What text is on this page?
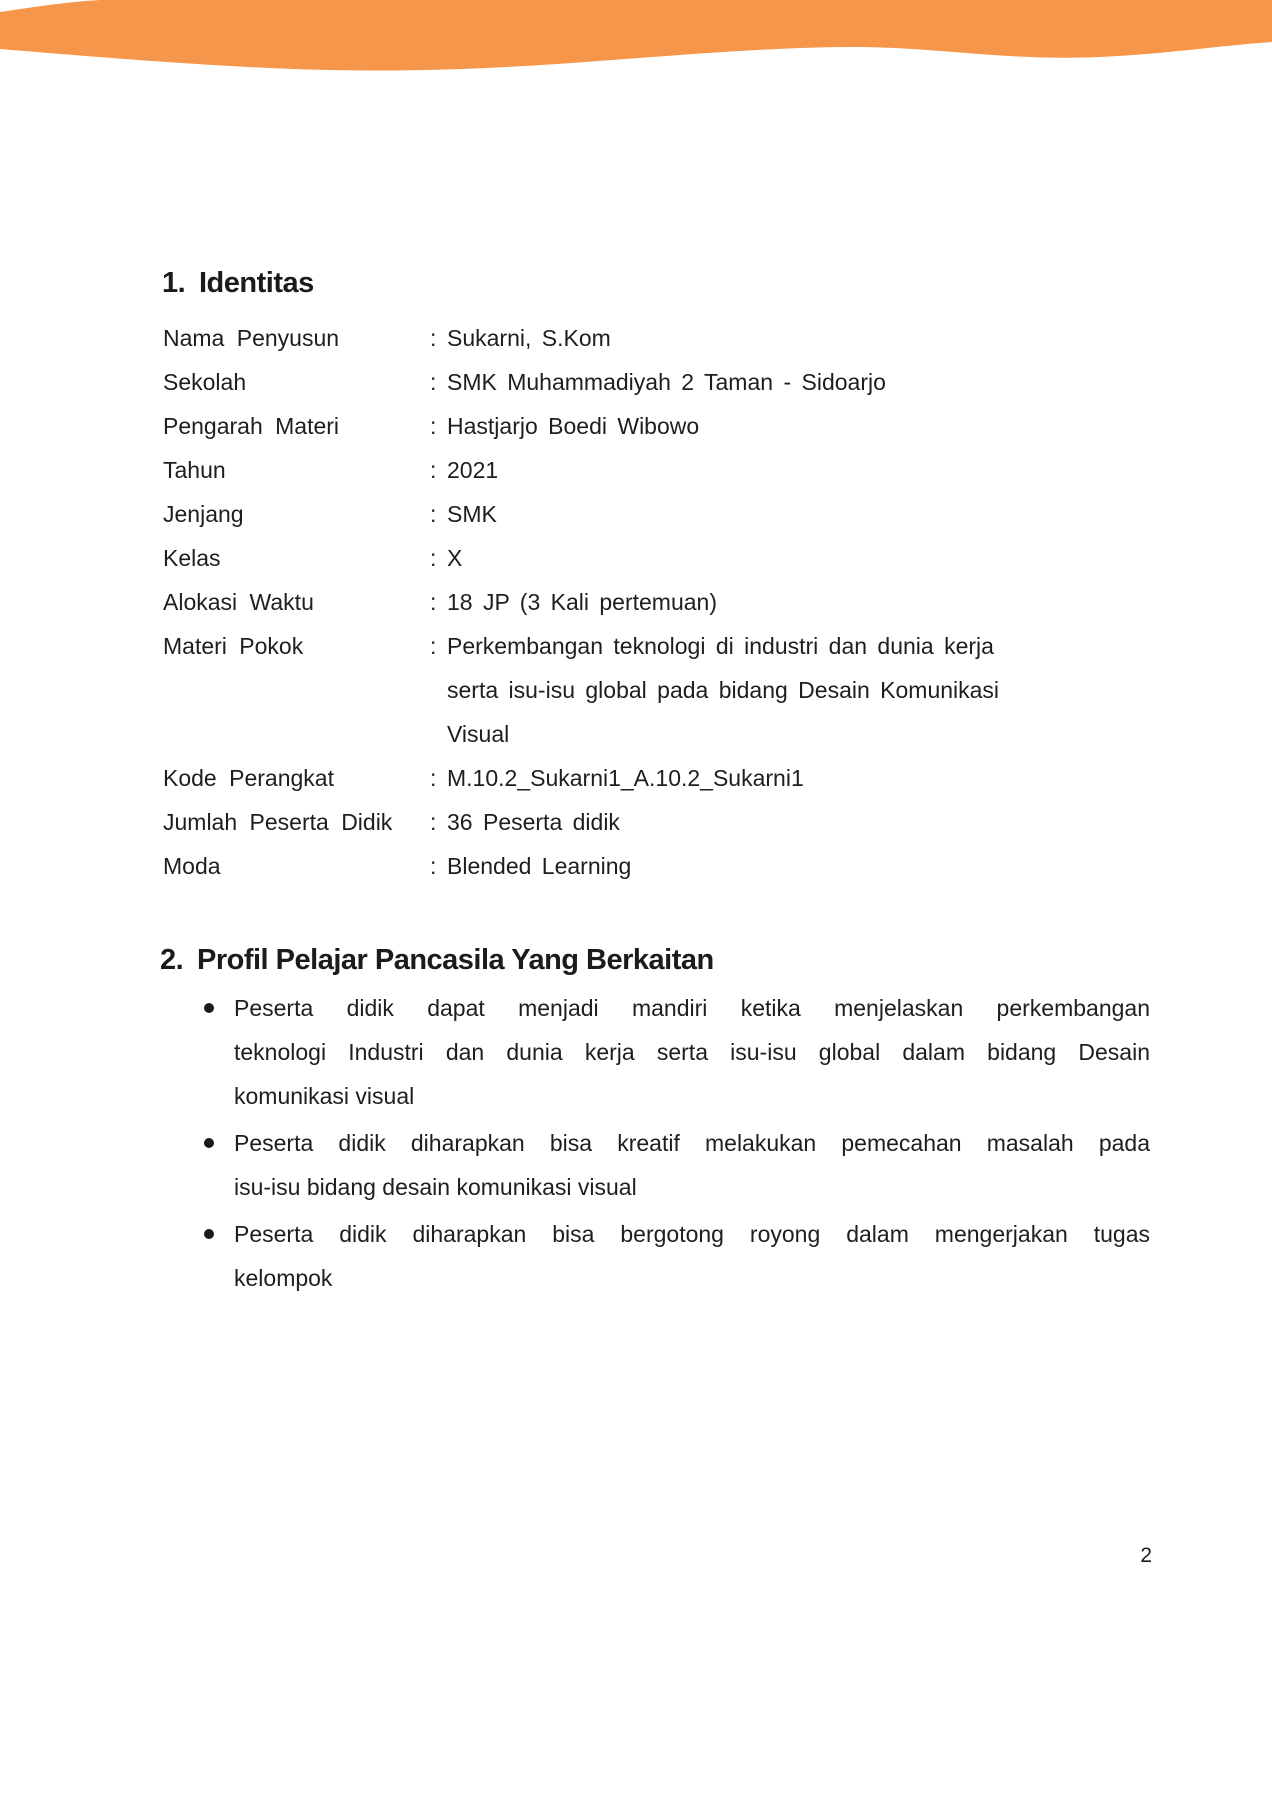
1. Identitas
Nama Penyusun	: Sukarni, S.Kom
Sekolah	: SMK Muhammadiyah 2 Taman - Sidoarjo
Pengarah Materi	: Hastjarjo Boedi Wibowo
Tahun	: 2021
Jenjang	: SMK
Kelas	: X
Alokasi Waktu	: 18 JP (3 Kali pertemuan)
Materi Pokok	: Perkembangan teknologi di industri dan dunia kerja
serta isu-isu global pada bidang Desain Komunikasi
Visual
Kode Perangkat	: M.10.2_Sukarni1_A.10.2_Sukarni1
Jumlah Peserta Didik	: 36 Peserta didik
Moda	: Blended Learning
2. Profil Pelajar Pancasila Yang Berkaitan
Peserta didik dapat menjadi mandiri ketika menjelaskan perkembangan
teknologi Industri dan dunia kerja serta isu-isu global dalam bidang Desain
komunikasi visual
Peserta didik diharapkan bisa kreatif melakukan pemecahan masalah pada
isu-isu bidang desain komunikasi visual
Peserta didik diharapkan bisa bergotong royong dalam mengerjakan tugas
kelompok
2
